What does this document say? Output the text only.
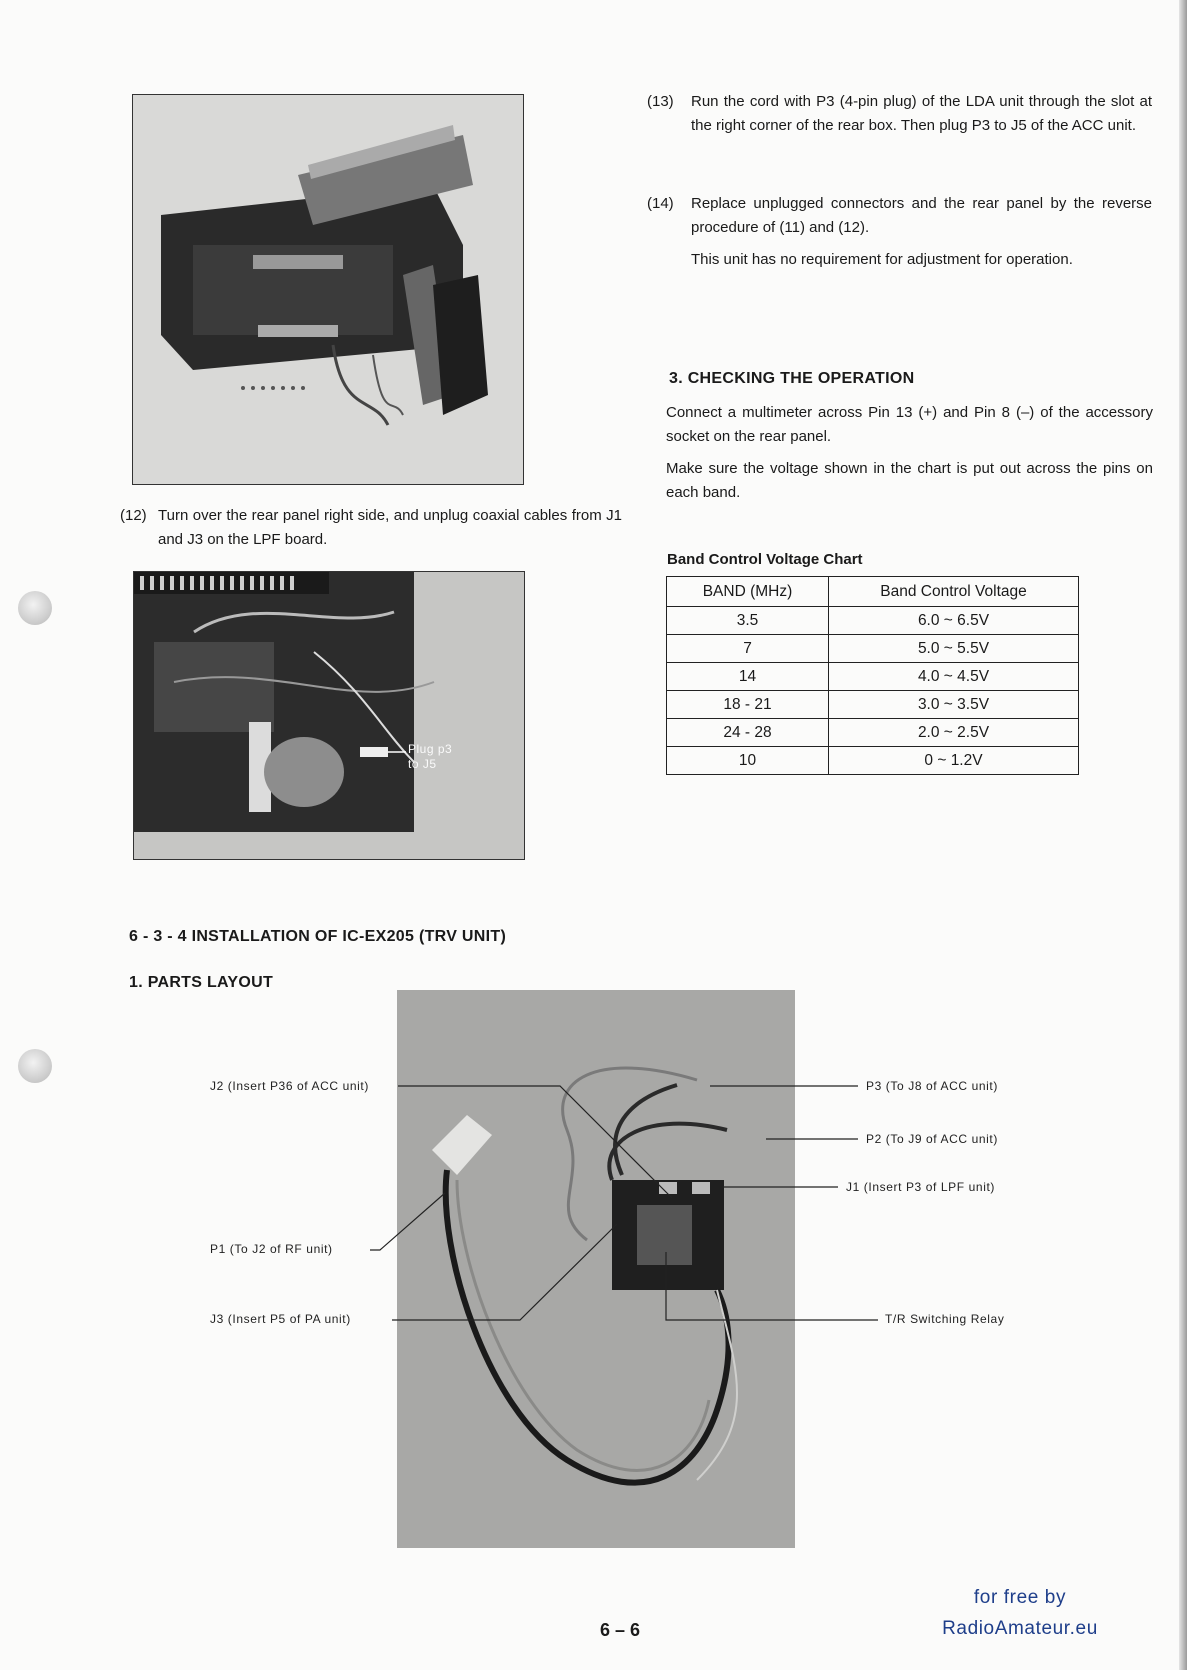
(12) Turn over the rear panel right side, and unplug coaxial cables from J1 and J3 on the LPF board.
Plug p3
to J5
(13) Run the cord with P3 (4-pin plug) of the LDA unit through the slot at the right corner of the rear box. Then plug P3 to J5 of the ACC unit.
(14) Replace unplugged connectors and the rear panel by the reverse procedure of (11) and (12).
This unit has no requirement for adjustment for operation.
3. CHECKING THE OPERATION
Connect a multimeter across Pin 13 (+) and Pin 8 (–) of the accessory socket on the rear panel.
Make sure the voltage shown in the chart is put out across the pins on each band.
Band Control Voltage Chart
BAND (MHz)	Band Control Voltage
3.5	6.0 ~ 6.5V
7	5.0 ~ 5.5V
14	4.0 ~ 4.5V
18 - 21	3.0 ~ 3.5V
24 - 28	2.0 ~ 2.5V
10	0 ~ 1.2V
6 - 3 - 4 INSTALLATION OF IC-EX205 (TRV UNIT)
1. PARTS LAYOUT
J2 (Insert P36 of ACC unit)
P1 (To J2 of RF unit)
J3 (Insert P5 of PA unit)
P3 (To J8 of ACC unit)
P2 (To J9 of ACC unit)
J1 (Insert P3 of LPF unit)
T/R Switching Relay
6 – 6
for free by
RadioAmateur.eu
